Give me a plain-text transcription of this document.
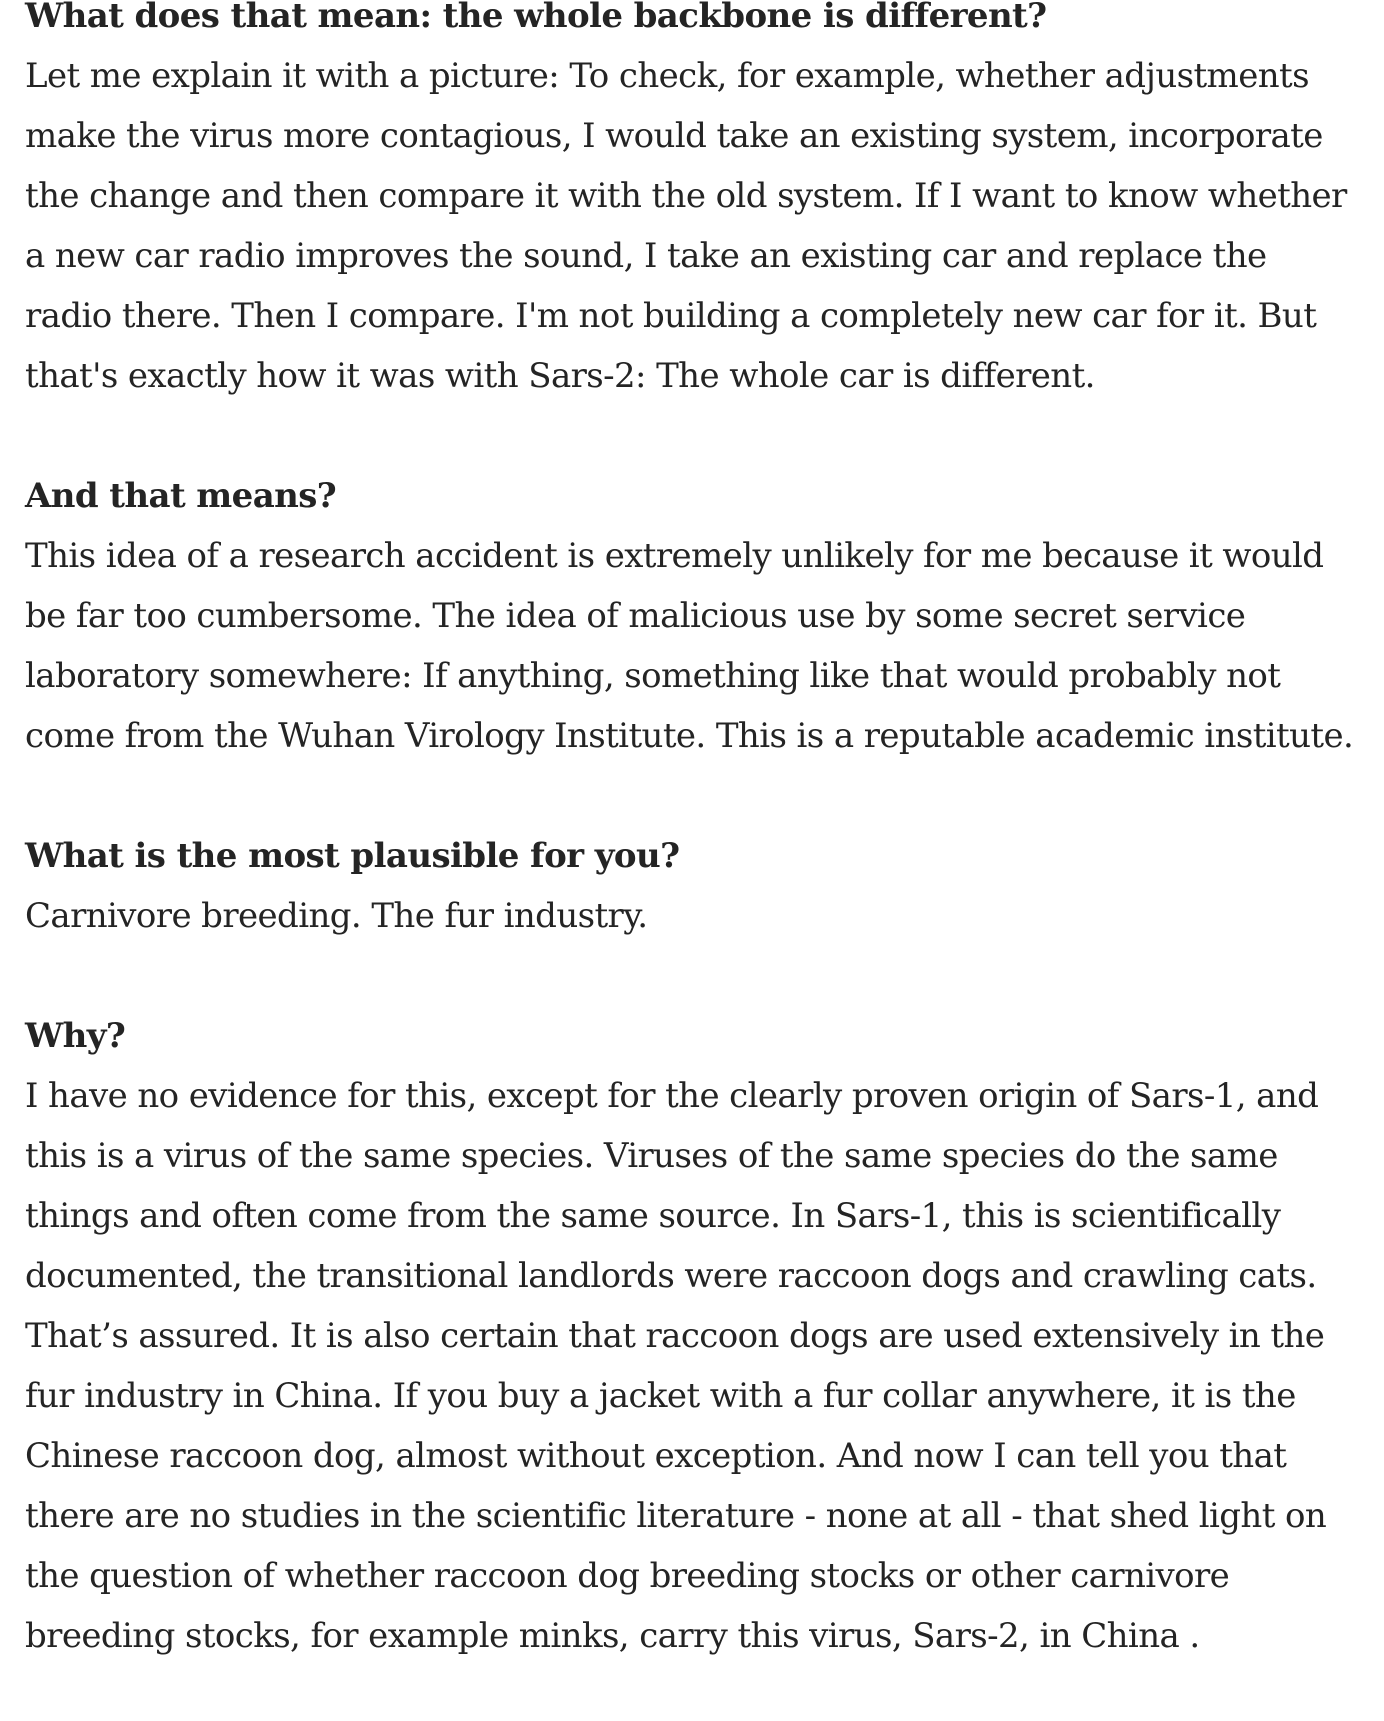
What does that mean: the whole backbone is different?

Let me explain it with a picture: To check, for example, whether adjustments make the virus more contagious, I would take an existing system, incorporate the change and then compare it with the old system. If I want to know whether a new car radio improves the sound, I take an existing car and replace the radio there. Then I compare. I'm not building a completely new car for it. But that's exactly how it was with Sars-2: The whole car is different.

And that means?

This idea of a research accident is extremely unlikely for me because it would be far too cumbersome. The idea of malicious use by some secret service laboratory somewhere: If anything, something like that would probably not come from the Wuhan Virology Institute. This is a reputable academic institute.

What is the most plausible for you?

Carnivore breeding. The fur industry.

Why?

I have no evidence for this, except for the clearly proven origin of Sars-1, and this is a virus of the same species. Viruses of the same species do the same things and often come from the same source. In Sars-1, this is scientifically documented, the transitional landlords were raccoon dogs and crawling cats. That’s assured. It is also certain that raccoon dogs are used extensively in the fur industry in China. If you buy a jacket with a fur collar anywhere, it is the Chinese raccoon dog, almost without exception. And now I can tell you that there are no studies in the scientific literature - none at all - that shed light on the question of whether raccoon dog breeding stocks or other carnivore breeding stocks, for example minks, carry this virus, Sars-2, in China .
